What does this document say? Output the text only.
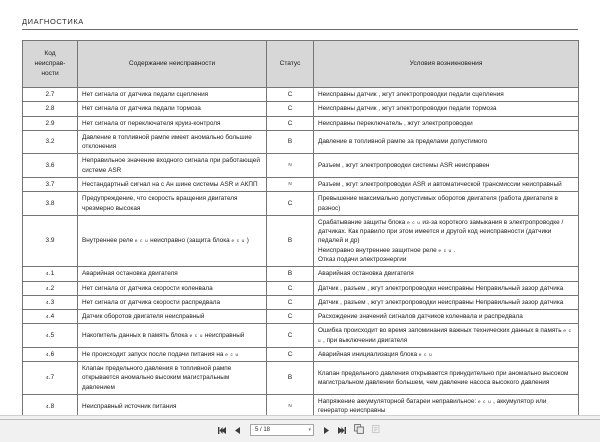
ДИАГНОСТИКА
Код
неисправ-
ности	Содержание неисправности	Статус	Условия возникновения
2.7	Нет сигнала от датчика педали сцепления	C	Неисправны датчик , жгут электропроводки педали сцепления
2.8	Нет сигнала от датчика педали тормоза	C	Неисправны датчик , жгут электропроводки педали тормоза
2.9	Нет сигнала от переключателя круиз-контроля	C	Неисправны переключатель , жгут электропроводки
3.2	Давление в топливной рампе имеет аномально большие отклонения	B	Давление в топливной рампе за пределами допустимого
3.6	Неправильное значение входного сигнала при работающей системе ASR	N	Разъем , жгут электропроводки системы ASR неисправен
3.7	Нестандартный сигнал на с Aн шине системы ASR и АКПП	N	Разъем , жгут электропроводки ASR и автоматической трансмиссии неисправный
3.8	Предупреждение, что скорость вращения двигателя чрезмерно высокая	C	Превышение максимально допустимых оборотов двигателя (работа двигателя в разнос)
3.9	Внутреннее реле e c u неисправно (защита блока e c u )	B	Срабатывание защиты блока e c u из-за короткого замыкания в электропроводке / датчиках. Как правило при этом имеется и другой код неисправности (датчики педалей и др)
Неисправно внутреннее защитное реле e c u .
Отказ подачи электроэнергии

4.1	Аварийная остановка двигателя	B	Аварийная остановка двигателя
4.2	Нет сигнала от датчика скорости коленвала	C	Датчик , разъем , жгут электропроводки неисправны Неправильный зазор датчика
4.3	Нет сигнала от датчика скорости распредвала	C	Датчик , разъем , жгут электропроводки неисправны Неправильный зазор датчика
4.4	Датчик оборотов двигателя неисправный	C	Расхождение значений сигналов датчиков коленвала и распредвала
4.5	Накопитель данных в память блока e c u неисправный	C	Ошибка происходит во время запоминания важных технических данных в память e c u , при выключении двигателя
4.6	Не происходит запуск после подачи питания на e c u	C	Аварийная инициализация блока e c u
4.7	Клапан предельного давления в топливной рампе открывается аномально высоким магистральным давлением	B	Клапан предельного давления открывается принудительно при аномально высоком магистральном давлении большем, чем давление насоса высокого давления
4.8	Неисправный источник питания	N	Напряжение аккумуляторной батареи неправильное: e c u , аккумулятор или генератор неисправны
5 / 18	▾
